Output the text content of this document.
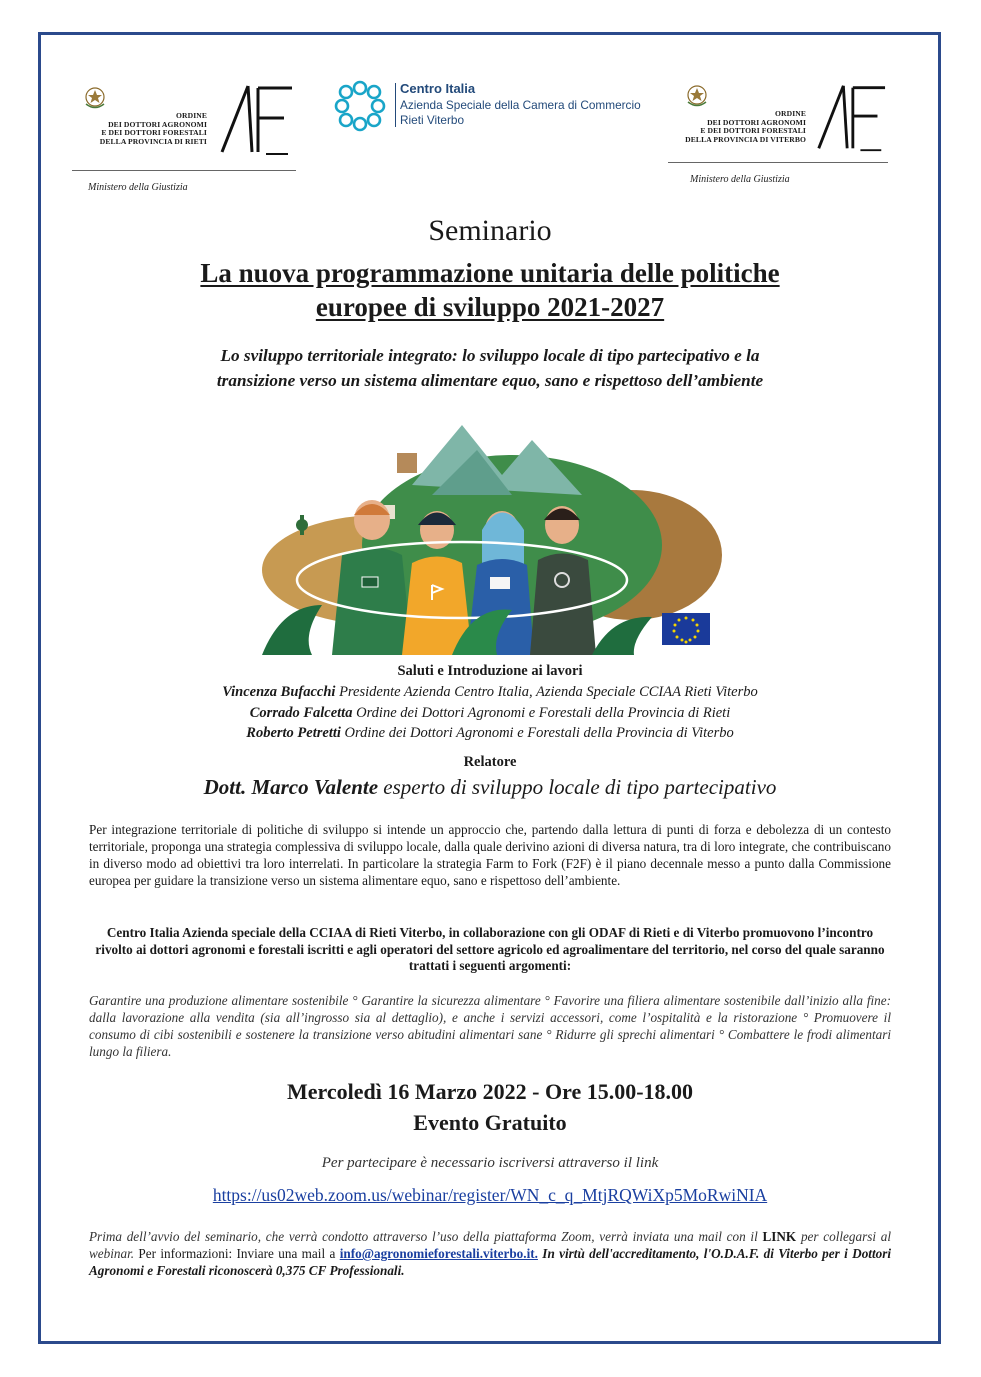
ORDINE
DEI DOTTORI AGRONOMI
E DEI DOTTORI FORESTALI
DELLA PROVINCIA DI RIETI
Ministero della Giustizia
Centro Italia
Azienda Speciale della Camera di Commercio
Rieti Viterbo	ORDINE
DEI DOTTORI AGRONOMI
E DEI DOTTORI FORESTALI
DELLA PROVINCIA DI VITERBO
Ministero della Giustizia
Seminario
La nuova programmazione unitaria delle politiche
europee di sviluppo 2021-2027
Lo sviluppo territoriale integrato: lo sviluppo locale di tipo partecipativo e la
transizione verso un sistema alimentare equo, sano e rispettoso dell’ambiente
Saluti e Introduzione ai lavori
Vincenza Bufacchi Presidente Azienda Centro Italia, Azienda Speciale CCIAA Rieti Viterbo
Corrado Falcetta Ordine dei Dottori Agronomi e Forestali della Provincia di Rieti
Roberto Petretti Ordine dei Dottori Agronomi e Forestali della Provincia di Viterbo
Relatore
Dott. Marco Valente esperto di sviluppo locale di tipo partecipativo
Per integrazione territoriale di politiche di sviluppo si intende un approccio che, partendo dalla lettura di punti di forza e debolezza di un contesto territoriale, proponga una strategia complessiva di sviluppo locale, dalla quale derivino azioni di diversa natura, tra di loro integrate, che contribuiscano in diverso modo ad obiettivi tra loro interrelati. In particolare la strategia Farm to Fork (F2F) è il piano decennale messo a punto dalla Commissione europea per guidare la transizione verso un sistema alimentare equo, sano e rispettoso dell’ambiente.
Centro Italia Azienda speciale della CCIAA di Rieti Viterbo, in collaborazione con gli ODAF di Rieti e di Viterbo promuovono l’incontro rivolto ai dottori agronomi e forestali iscritti e agli operatori del settore agricolo ed agroalimentare del territorio, nel corso del quale saranno trattati i seguenti argomenti:
Garantire una produzione alimentare sostenibile ° Garantire la sicurezza alimentare ° Favorire una filiera alimentare sostenibile dall’inizio alla fine: dalla lavorazione alla vendita (sia all’ingrosso sia al dettaglio), e anche i servizi accessori, come l’ospitalità e la ristorazione ° Promuovere il consumo di cibi sostenibili e sostenere la transizione verso abitudini alimentari sane ° Ridurre gli sprechi alimentari ° Combattere le frodi alimentari lungo la filiera.
Mercoledì 16 Marzo 2022 - Ore 15.00-18.00
Evento Gratuito
Per partecipare è necessario iscriversi attraverso il link
https://us02web.zoom.us/webinar/register/WN_c_q_MtjRQWiXp5MoRwiNIA
Prima dell’avvio del seminario, che verrà condotto attraverso l’uso della piattaforma Zoom, verrà inviata una mail con il LINK per collegarsi al webinar. Per informazioni: Inviare una mail a info@agronomieforestali.viterbo.it. In virtù dell'accreditamento, l'O.D.A.F. di Viterbo per i Dottori Agronomi e Forestali riconoscerà 0,375 CF Professionali.
